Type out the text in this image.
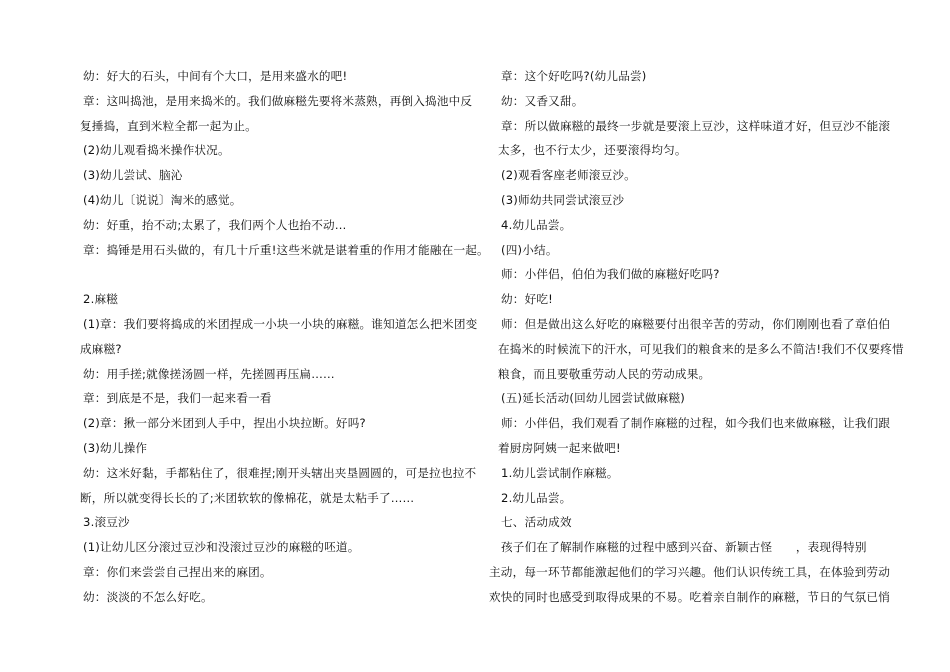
幼：好大的石头，中间有个大口，是用来盛水的吧!
章：这叫捣池，是用来捣米的。我们做麻糍先要将米蒸熟，再倒入捣池中反
复捶捣，直到米粒全都一起为止。
(2)幼儿观看捣米操作状况。
(3)幼儿尝试、脑沁
(4)幼儿〔说说〕淘米的感觉。
幼：好重，抬不动;太累了，我们两个人也抬不动…
章：捣锤是用石头做的，有几十斤重!这些米就是谌着重的作用才能融在一起。
2.麻糍
(1)章：我们要将捣成的米团捏成一小块一小块的麻糍。谁知道怎么把米团变
成麻糍?
幼：用手搓;就像搓汤圆一样，先搓圆再压扁……
章：到底是不是，我们一起来看一看
(2)章：揪一部分米团到人手中，捏出小块拉断。好吗?
(3)幼儿操作
幼：这米好黏，手都粘住了，很难捏;刚开头辖出夹垦圆圆的，可是拉也拉不
断，所以就变得长长的了;米团软软的像棉花，就是太粘手了……
3.滚豆沙
(1)让幼儿区分滚过豆沙和没滚过豆沙的麻糍的呸道。
章：你们来尝尝自己捏出来的麻团。
幼：淡淡的不怎么好吃。
章：这个好吃吗?(幼儿品尝)
幼：又香又甜。
章：所以做麻糍的最终一步就是要滚上豆沙，这样味道才好，但豆沙不能滚
太多，也不行太少，还要滚得均匀。
(2)观看客座老师滚豆沙。
(3)师幼共同尝试滚豆沙
4.幼儿品尝。
(四)小结。
师：小伴侣，伯伯为我们做的麻糍好吃吗?
幼：好吃!
师：但是做出这么好吃的麻糍要付出很辛苦的劳动，你们刚刚也看了章伯伯
在捣米的时候流下的汗水，可见我们的粮食来的是多么不简洁!我们不仅要疼惜
粮食，而且要敬重劳动人民的劳动成果。
(五)延长活动(回幼儿园尝试做麻糍)
师：小伴侣，我们观看了制作麻糍的过程，如今我们也来做麻糍，让我们跟
着厨房阿姨一起来做吧!
1.幼儿尝试制作麻糍。
2.幼儿品尝。
七、活动成效
孩子们在了解制作麻糍的过程中感到兴奋、新颖古怪　　，表现得特别
主动，每一环节都能激起他们的学习兴趣。他们认识传统工具，在体验到劳动
欢快的同时也感受到取得成果的不易。吃着亲自制作的麻糍，节日的气氛已悄
